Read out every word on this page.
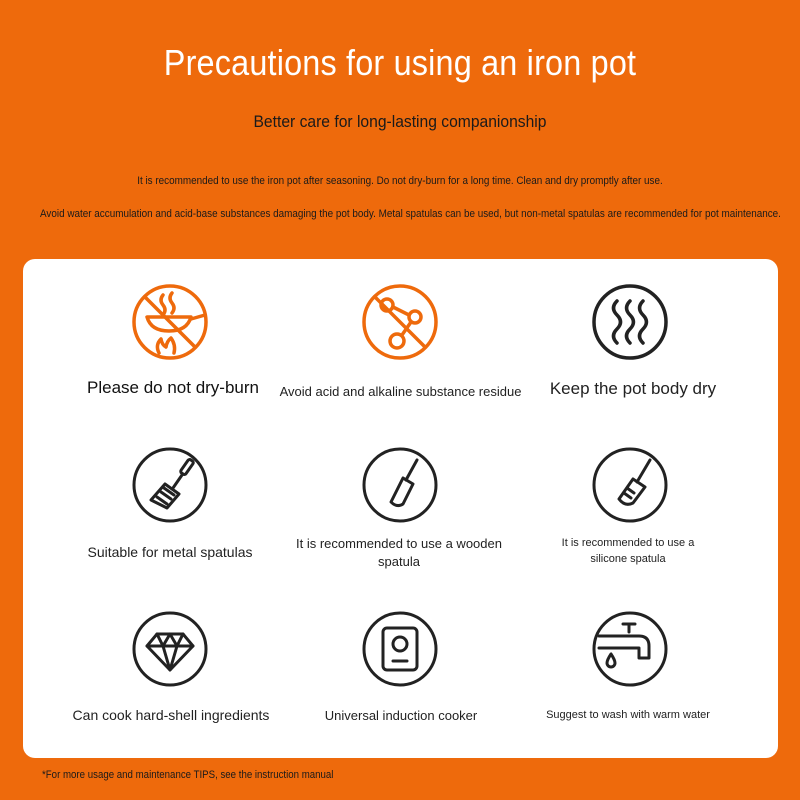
Precautions for using an iron pot
Better care for long-lasting companionship
It is recommended to use the iron pot after seasoning. Do not dry-burn for a long time. Clean and dry promptly after use.
Avoid water accumulation and acid-base substances damaging the pot body. Metal spatulas can be used, but non-metal spatulas are recommended for pot maintenance.
Please do not dry-burn	Avoid acid and alkaline substance residue	Keep the pot body dry
Suitable for metal spatulas
It is recommended to use a wooden spatula
It is recommended to use a silicone spatula
Can cook hard-shell ingredients	Universal induction cooker	Suggest to wash with warm water
*For more usage and maintenance TIPS, see the instruction manual
